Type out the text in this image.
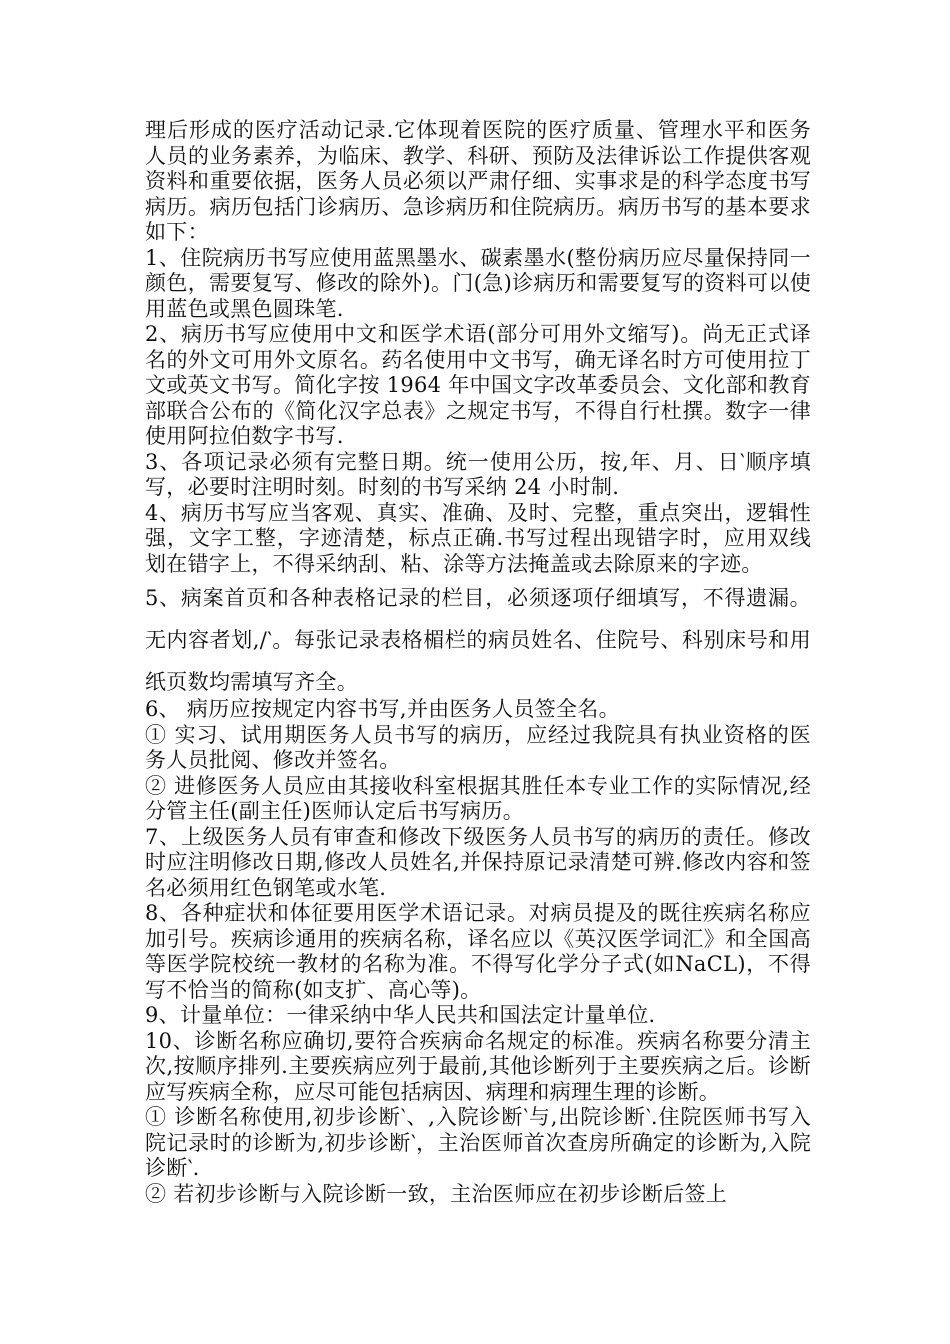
理后形成的医疗活动记录.它体现着医院的医疗质量、管理水平和医务人员的业务素养，为临床、教学、科研、预防及法律诉讼工作提供客观资料和重要依据，医务人员必须以严肃仔细、实事求是的科学态度书写病历。病历包括门诊病历、急诊病历和住院病历。病历书写的基本要求如下：

1、住院病历书写应使用蓝黑墨水、碳素墨水(整份病历应尽量保持同一颜色，需要复写、修改的除外)。门(急)诊病历和需要复写的资料可以使用蓝色或黑色圆珠笔.

2、病历书写应使用中文和医学术语(部分可用外文缩写)。尚无正式译名的外文可用外文原名。药名使用中文书写，确无译名时方可使用拉丁文或英文书写。简化字按 1964 年中国文字改革委员会、文化部和教育部联合公布的《简化汉字总表》之规定书写，不得自行杜撰。数字一律使用阿拉伯数字书写.

3、各项记录必须有完整日期。统一使用公历，按,年、月、日‵顺序填写，必要时注明时刻。时刻的书写采纳 24 小时制.

4、病历书写应当客观、真实、准确、及时、完整，重点突出，逻辑性强，文字工整，字迹清楚，标点正确.书写过程出现错字时，应用双线划在错字上，不得采纳刮、粘、涂等方法掩盖或去除原来的字迹。

5、病案首页和各种表格记录的栏目，必须逐项仔细填写，不得遗漏。无内容者划,/‵。每张记录表格楣栏的病员姓名、住院号、科别床号和用纸页数均需填写齐全。

6、 病历应按规定内容书写,并由医务人员签全名。

① 实习、试用期医务人员书写的病历，应经过我院具有执业资格的医务人员批阅、修改并签名。

② 进修医务人员应由其接收科室根据其胜任本专业工作的实际情况,经分管主任(副主任)医师认定后书写病历。

7、上级医务人员有审查和修改下级医务人员书写的病历的责任。修改时应注明修改日期,修改人员姓名,并保持原记录清楚可辨.修改内容和签名必须用红色钢笔或水笔.

8、各种症状和体征要用医学术语记录。对病员提及的既往疾病名称应加引号。疾病诊通用的疾病名称，译名应以《英汉医学词汇》和全国高等医学院校统一教材的名称为准。不得写化学分子式(如NaCL)，不得写不恰当的简称(如支扩、高心等)。

9、计量单位：一律采纳中华人民共和国法定计量单位.

10、诊断名称应确切,要符合疾病命名规定的标准。疾病名称要分清主次,按顺序排列.主要疾病应列于最前,其他诊断列于主要疾病之后。诊断应写疾病全称，应尽可能包括病因、病理和病理生理的诊断。

① 诊断名称使用,初步诊断‵、,入院诊断‵与,出院诊断‵.住院医师书写入院记录时的诊断为,初步诊断‵，主治医师首次查房所确定的诊断为,入院诊断‵.

② 若初步诊断与入院诊断一致，主治医师应在初步诊断后签上
